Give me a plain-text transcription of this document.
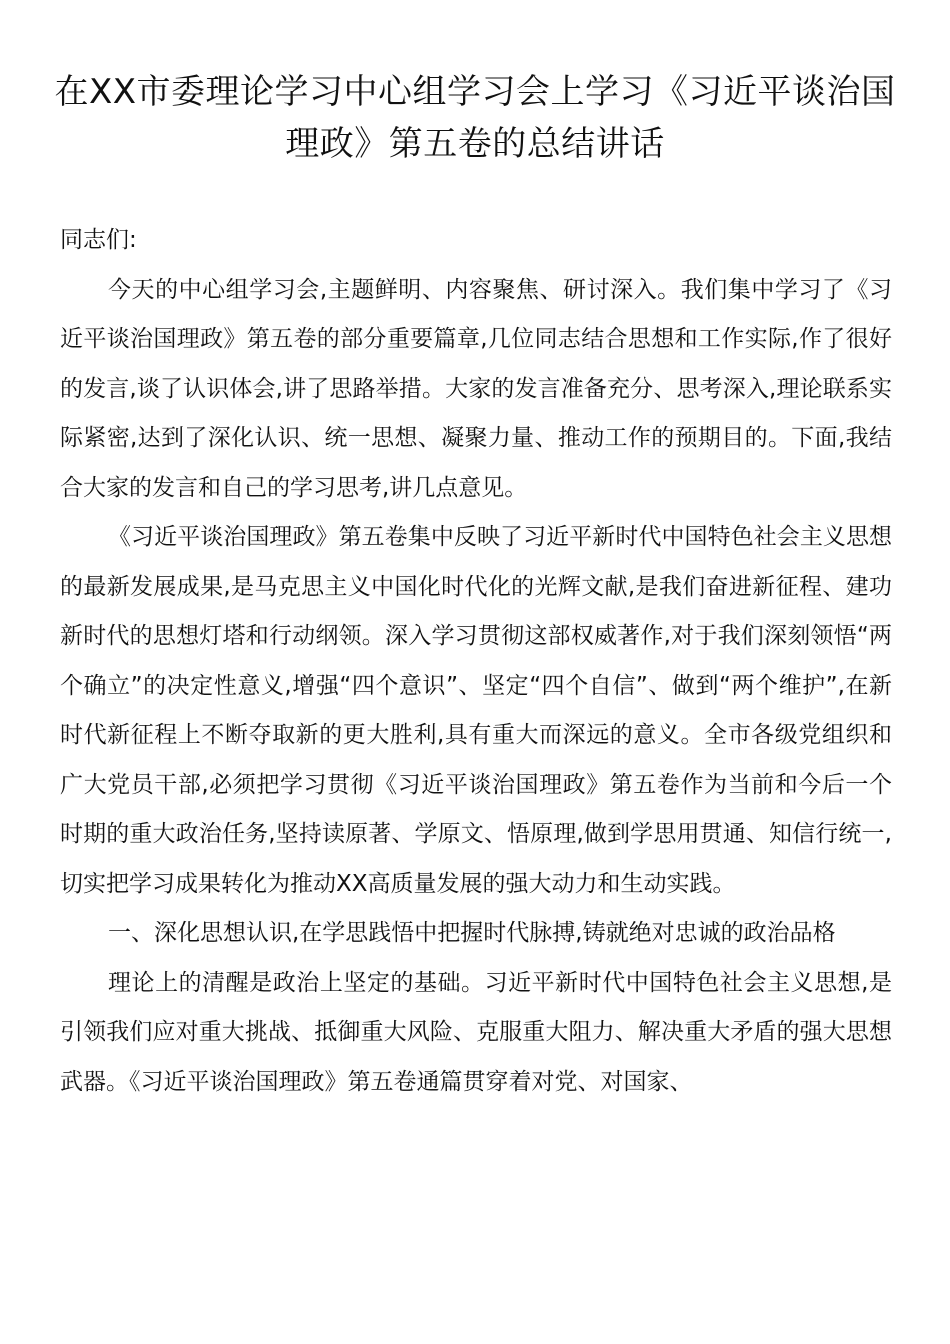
在XX市委理论学习中心组学习会上学习《习近平谈治国理政》第五卷的总结讲话

同志们:

今天的中心组学习会,主题鲜明、内容聚焦、研讨深入。我们集中学习了《习近平谈治国理政》第五卷的部分重要篇章,几位同志结合思想和工作实际,作了很好的发言,谈了认识体会,讲了思路举措。大家的发言准备充分、思考深入,理论联系实际紧密,达到了深化认识、统一思想、凝聚力量、推动工作的预期目的。下面,我结合大家的发言和自己的学习思考,讲几点意见。

《习近平谈治国理政》第五卷集中反映了习近平新时代中国特色社会主义思想的最新发展成果,是马克思主义中国化时代化的光辉文献,是我们奋进新征程、建功新时代的思想灯塔和行动纲领。深入学习贯彻这部权威著作,对于我们深刻领悟“两个确立”的决定性意义,增强“四个意识”、坚定“四个自信”、做到“两个维护”,在新时代新征程上不断夺取新的更大胜利,具有重大而深远的意义。全市各级党组织和广大党员干部,必须把学习贯彻《习近平谈治国理政》第五卷作为当前和今后一个时期的重大政治任务,坚持读原著、学原文、悟原理,做到学思用贯通、知信行统一,切实把学习成果转化为推动XX高质量发展的强大动力和生动实践。

一、深化思想认识,在学思践悟中把握时代脉搏,铸就绝对忠诚的政治品格

理论上的清醒是政治上坚定的基础。习近平新时代中国特色社会主义思想,是引领我们应对重大挑战、抵御重大风险、克服重大阻力、解决重大矛盾的强大思想武器。《习近平谈治国理政》第五卷通篇贯穿着对党、对国家、
